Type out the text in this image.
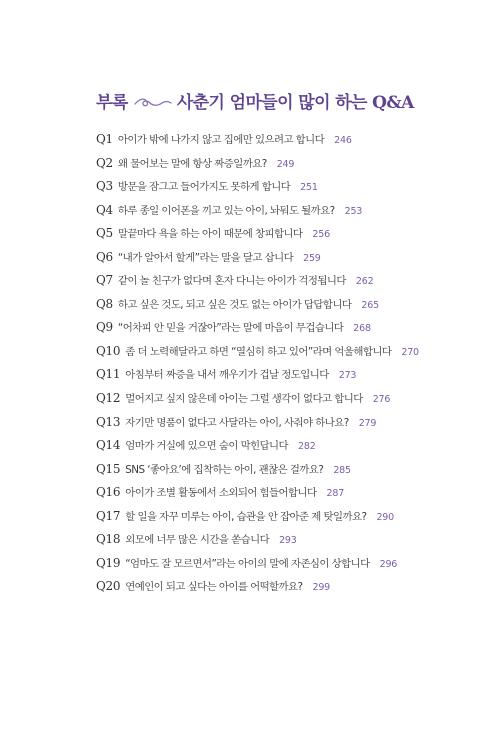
부록	사춘기 엄마들이 많이 하는 Q&A
Q1 아이가 밖에 나가지 않고 집에만 있으려고 합니다 246
Q2 왜 물어보는 말에 항상 짜증일까요? 249
Q3 방문을 잠그고 들어가지도 못하게 합니다 251
Q4 하루 종일 이어폰을 끼고 있는 아이, 놔둬도 될까요? 253
Q5 말끝마다 욕을 하는 아이 때문에 창피합니다 256
Q6 “내가 알아서 할게”라는 말을 달고 삽니다 259
Q7 같이 놀 친구가 없다며 혼자 다니는 아이가 걱정됩니다 262
Q8 하고 싶은 것도, 되고 싶은 것도 없는 아이가 답답합니다 265
Q9 “어차피 안 믿을 거잖아”라는 말에 마음이 무겁습니다 268
Q10 좀 더 노력해달라고 하면 “열심히 하고 있어”라며 억울해합니다 270
Q11 아침부터 짜증을 내서 깨우기가 겁날 정도입니다 273
Q12 멀어지고 싶지 않은데 아이는 그럴 생각이 없다고 합니다 276
Q13 자기만 명품이 없다고 사달라는 아이, 사줘야 하나요? 279
Q14 엄마가 거실에 있으면 숨이 막힌답니다 282
Q15 SNS ‘좋아요’에 집착하는 아이, 괜찮은 걸까요? 285
Q16 아이가 조별 활동에서 소외되어 힘들어합니다 287
Q17 할 일을 자꾸 미루는 아이, 습관을 안 잡아준 제 탓일까요? 290
Q18 외모에 너무 많은 시간을 쏟습니다 293
Q19 “엄마도 잘 모르면서”라는 아이의 말에 자존심이 상합니다 296
Q20 연예인이 되고 싶다는 아이를 어떡할까요? 299
